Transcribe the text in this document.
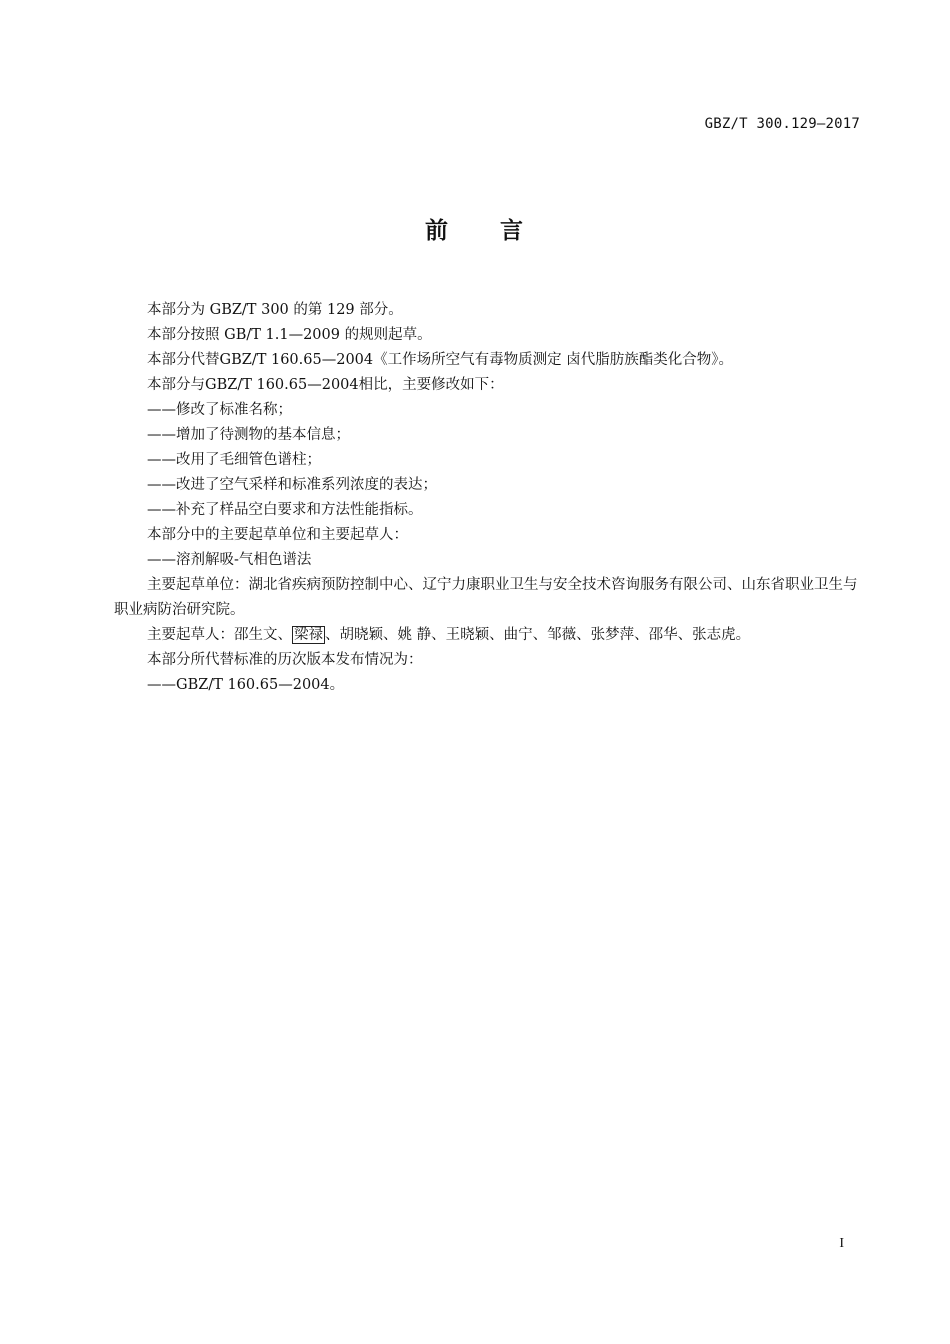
GBZ/T 300.129—2017
前 言

本部分为 GBZ/T 300 的第 129 部分。

本部分按照 GB/T 1.1—2009 的规则起草。

本部分代替GBZ/T 160.65—2004《工作场所空气有毒物质测定 卤代脂肪族酯类化合物》。

本部分与GBZ/T 160.65—2004相比，主要修改如下：

——修改了标准名称；

——增加了待测物的基本信息；

——改用了毛细管色谱柱；

——改进了空气采样和标准系列浓度的表达；

——补充了样品空白要求和方法性能指标。

本部分中的主要起草单位和主要起草人：

——溶剂解吸-气相色谱法

主要起草单位：湖北省疾病预防控制中心、辽宁力康职业卫生与安全技术咨询服务有限公司、山东省职业卫生与职业病防治研究院。

主要起草人：邵生文、 梁禄 、胡晓颖、姚 静、王晓颖、曲宁、邹薇、张梦萍、邵华、张志虎。

本部分所代替标准的历次版本发布情况为：

——GBZ/T 160.65—2004。

I
